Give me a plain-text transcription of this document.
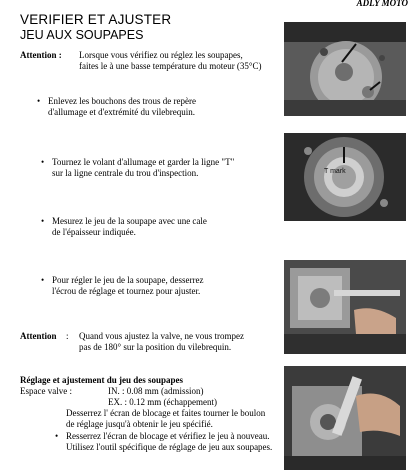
ADLY MOTO
VERIFIER ET AJUSTER
JEU AUX SOUPAPES
Attention : Lorsque vous vérifiez ou réglez les soupapes,
faites le à une basse température du moteur (35°C)
• Enlevez les bouchons des trous de repère
d'allumage et d'extrémité du vilebrequin.
• Tournez le volant d'allumage et garder la ligne "T"
sur la ligne centrale du trou d'inspection.
• Mesurez le jeu de la soupape avec une cale
de l'épaisseur indiquée.
• Pour régler le jeu de la soupape, desserrez
l'écrou de réglage et tournez pour ajuster.
Attention : Quand vous ajustez la valve, ne vous trompez
pas de 180° sur la position du vilebrequin.
Réglage et ajustement du jeu des soupapes
Espace valve :	IN. : 0.08 mm (admission)
EX. : 0.12 mm (échappement)
Desserrez l' écran de blocage et faites tourner le boulon
de réglage jusqu'à obtenir le jeu spécifié.
• Resserrez l'écran de blocage et vérifiez le jeu à nouveau.
Utilisez l'outil spécifique de réglage de jeu aux soupapes.
T mark
